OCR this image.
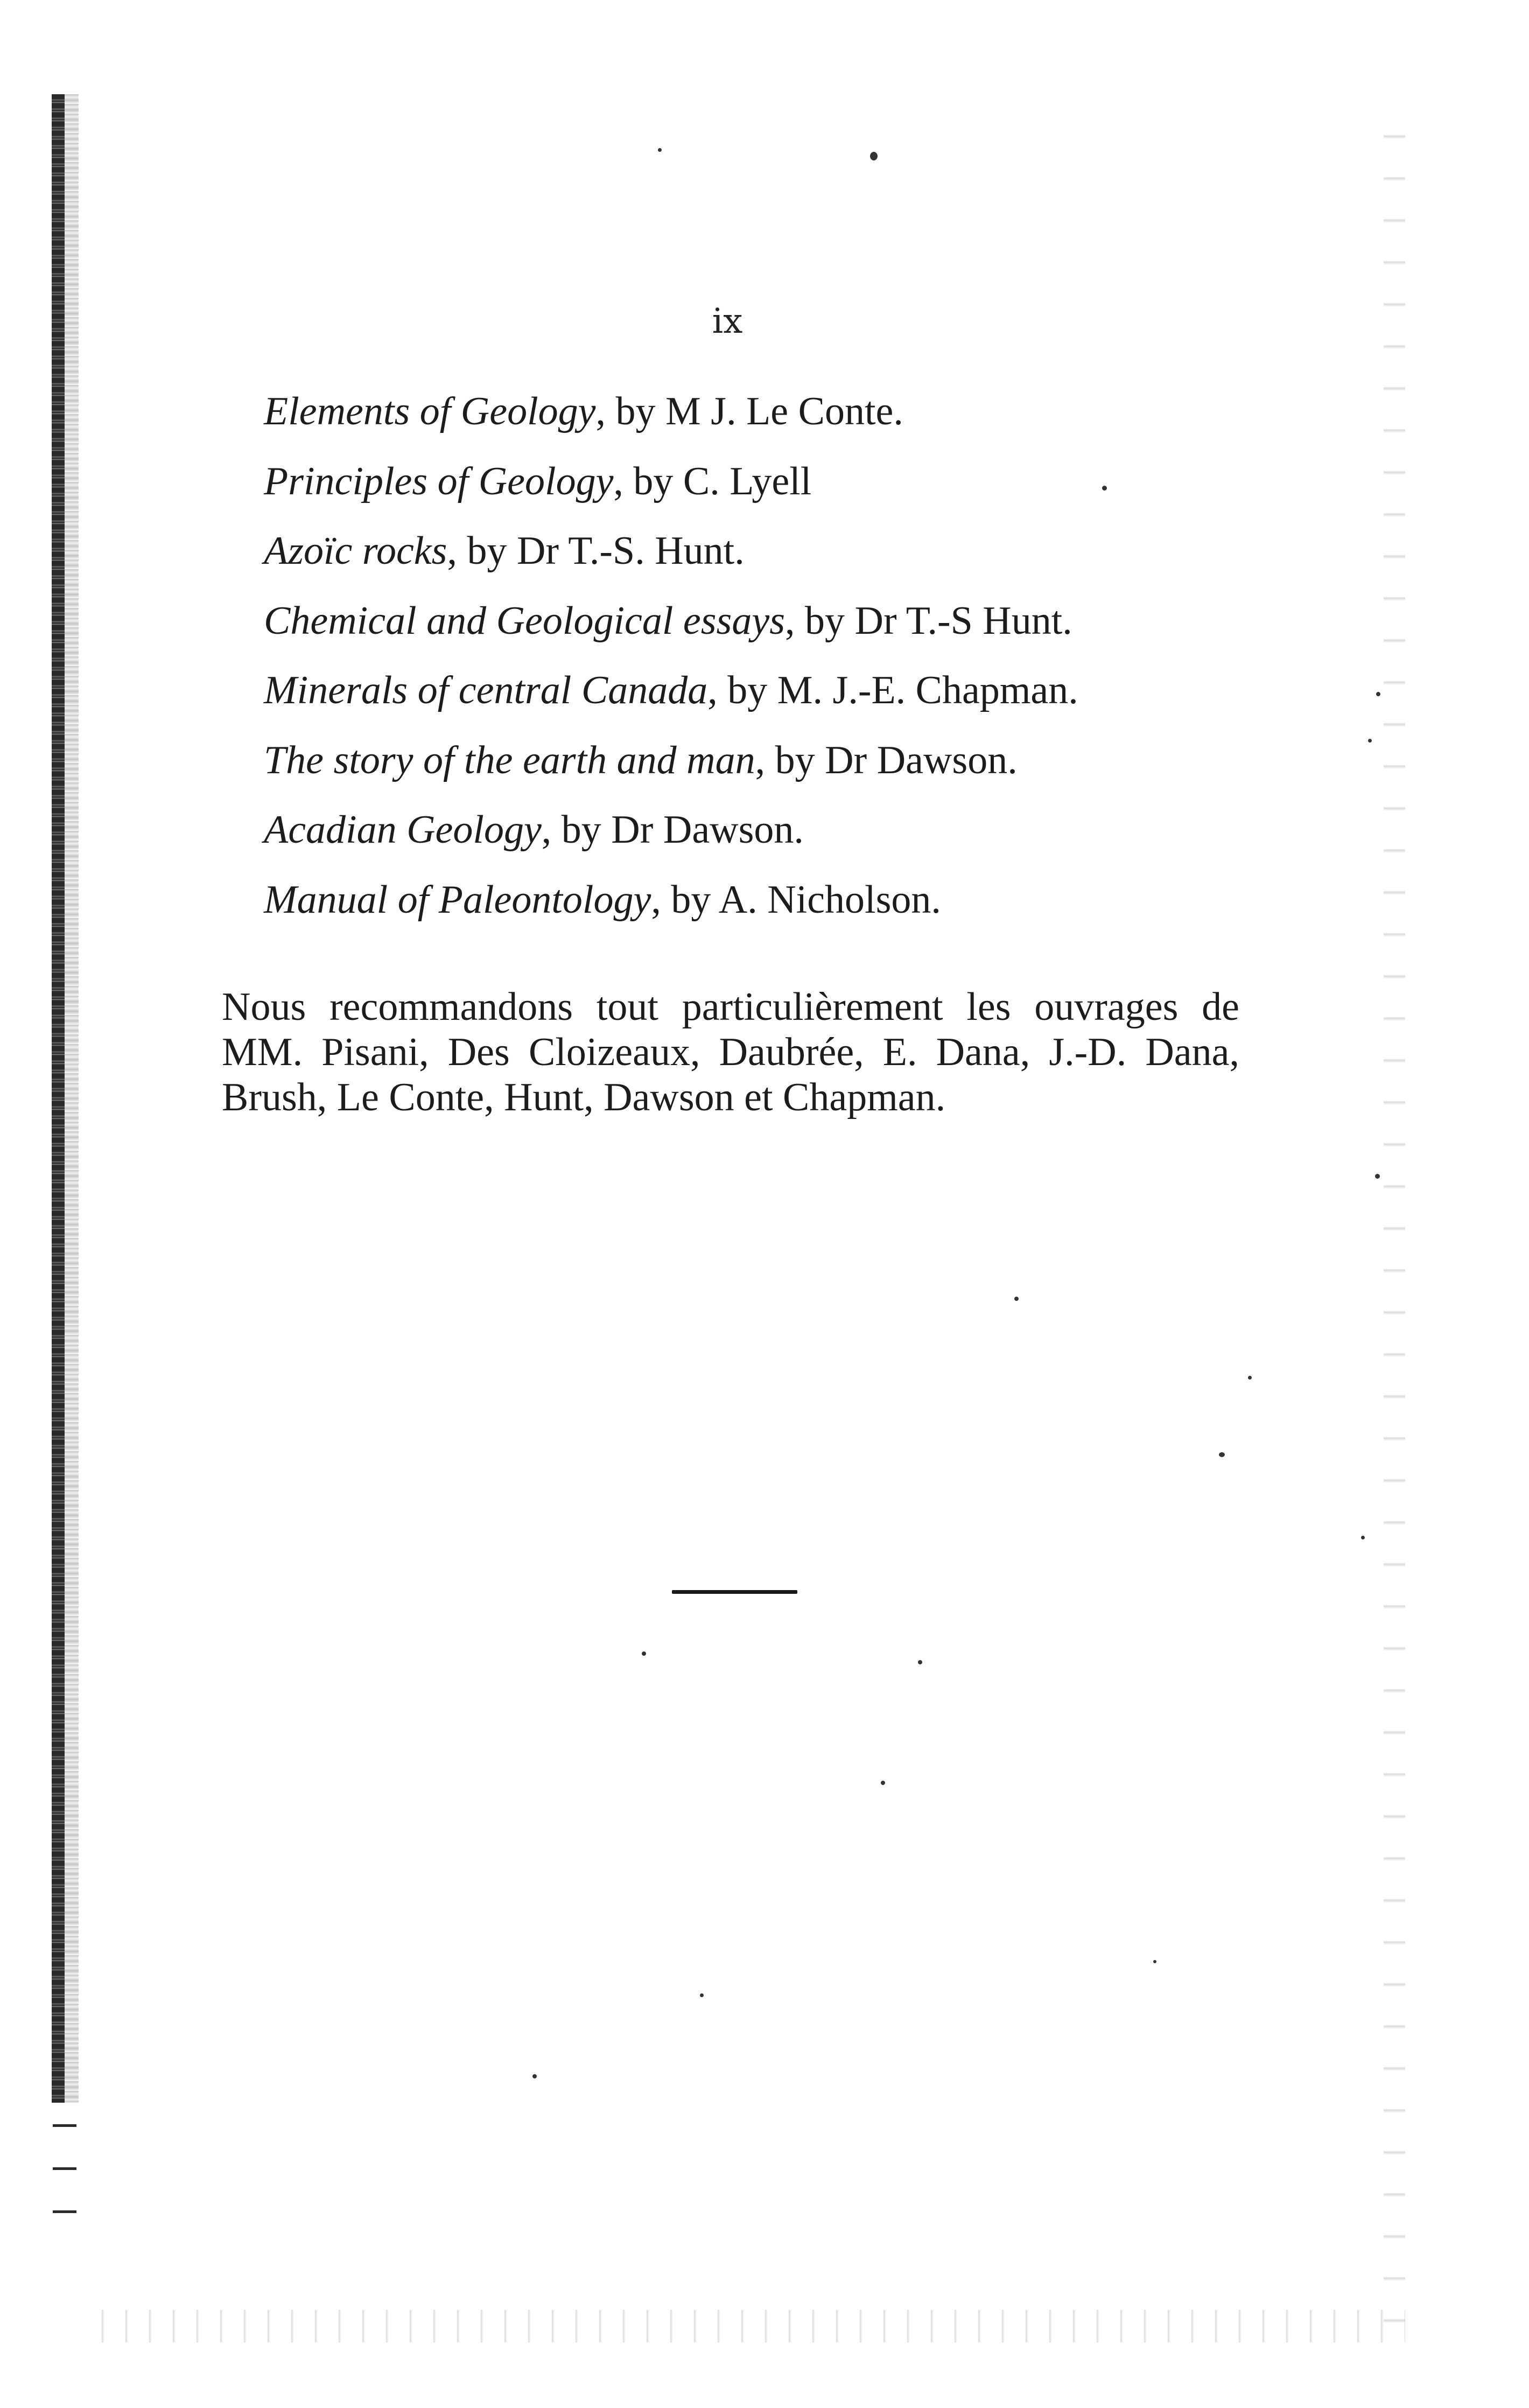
ix
Elements of Geology, by M J. Le Conte.
Principles of Geology, by C. Lyell
Azoïc rocks, by Dr T.-S. Hunt.
Chemical and Geological essays, by Dr T.-S Hunt.
Minerals of central Canada, by M. J.-E. Chapman.
The story of the earth and man, by Dr Dawson.
Acadian Geology, by Dr Dawson.
Manual of Paleontology, by A. Nicholson.

Nous recommandons tout particulièrement les ouvrages de MM. Pisani, Des Cloizeaux, Daubrée, E. Dana, J.-D. Dana, Brush, Le Conte, Hunt, Dawson et Chapman.
